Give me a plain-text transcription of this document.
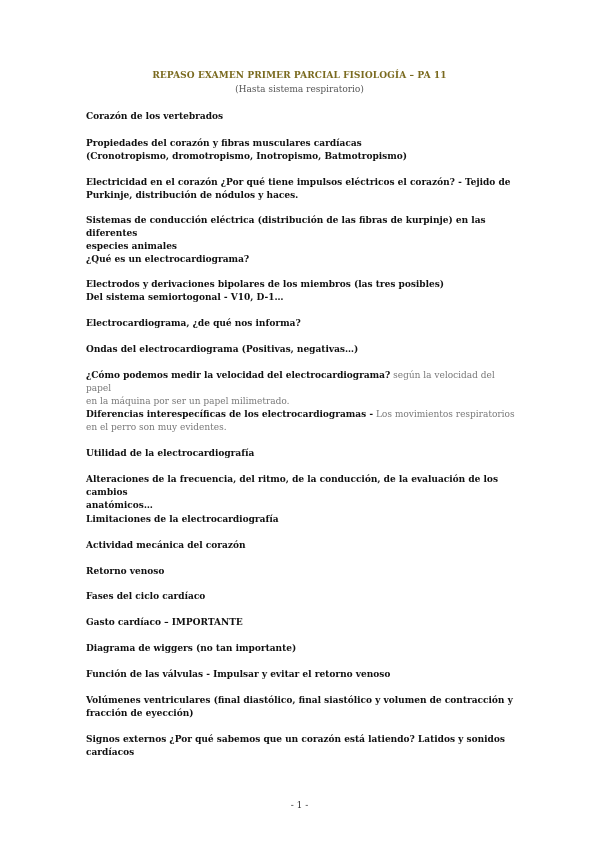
REPASO EXAMEN PRIMER PARCIAL FISIOLOGÍA – PA 11
(Hasta sistema respiratorio)
Corazón de los vertebrados
Propiedades del corazón y fibras musculares cardíacas
(Cronotropismo, dromotropismo, Inotropismo, Batmotropismo)
Electricidad en el corazón ¿Por qué tiene impulsos eléctricos el corazón? - Tejido de
Purkinje, distribución de nódulos y haces.
Sistemas de conducción eléctrica (distribución de las fibras de kurpinje) en las diferentes
especies animales
¿Qué es un electrocardiograma?
Electrodos y derivaciones bipolares de los miembros (las tres posibles)
Del sistema semiortogonal - V10, D-1…
Electrocardiograma, ¿de qué nos informa?
Ondas del electrocardiograma (Positivas, negativas…)
¿Cómo podemos medir la velocidad del electrocardiograma? según la velocidad del papel
en la máquina por ser un papel milimetrado.
Diferencias interespecíficas de los electrocardiogramas - Los movimientos respiratorios
en el perro son muy evidentes.
Utilidad de la electrocardiografía
Alteraciones de la frecuencia, del ritmo, de la conducción, de la evaluación de los cambios
anatómicos…
Limitaciones de la electrocardiografía
Actividad mecánica del corazón
Retorno venoso
Fases del ciclo cardíaco
Gasto cardíaco – IMPORTANTE
Diagrama de wiggers (no tan importante)
Función de las válvulas - Impulsar y evitar el retorno venoso
Volúmenes ventriculares (final diastólico, final siastólico y volumen de contracción y
fracción de eyección)
Signos externos ¿Por qué sabemos que un corazón está latiendo? Latidos y sonidos
cardíacos
- 1 -
